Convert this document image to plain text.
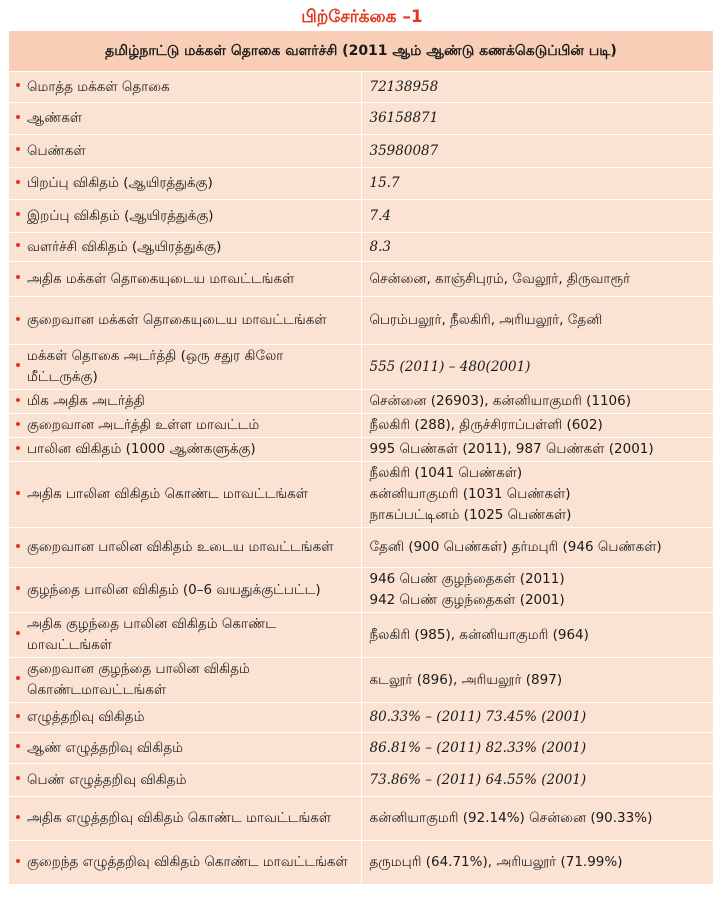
பிற்சேர்க்கை –1
தமிழ்நாட்டு மக்கள் தொகை வளர்ச்சி (2011 ஆம் ஆண்டு கணக்கெடுப்பின் படி)	

மொத்த மக்கள் தொகை	72138958

ஆண்கள்	36158871

பெண்கள்	35980087

பிறப்பு விகிதம் (ஆயிரத்துக்கு)	15.7

இறப்பு விகிதம் (ஆயிரத்துக்கு)	7.4

வளர்ச்சி விகிதம் (ஆயிரத்துக்கு)	8.3

அதிக மக்கள் தொகையுடைய மாவட்டங்கள்	சென்னை, காஞ்சிபுரம், வேலூர், திருவாரூர்

குறைவான மக்கள் தொகையுடைய மாவட்டங்கள்	பெரம்பலூர், நீலகிரி, அரியலூர், தேனி

மக்கள் தொகை அடர்த்தி (ஒரு சதுர கிலோ மீட்டருக்கு)	555 (2011) – 480(2001)

மிக அதிக அடர்த்தி	சென்னை (26903), கன்னியாகுமரி (1106)

குறைவான அடர்த்தி உள்ள மாவட்டம்	நீலகிரி (288), திருச்சிராப்பள்ளி (602)

பாலின விகிதம் (1000 ஆண்களுக்கு)	995 பெண்கள் (2011), 987 பெண்கள் (2001)

அதிக பாலின விகிதம் கொண்ட மாவட்டங்கள்	நீலகிரி (1041 பெண்கள்)
கன்னியாகுமரி (1031 பெண்கள்)
நாகப்பட்டினம் (1025 பெண்கள்)

குறைவான பாலின விகிதம் உடைய மாவட்டங்கள்	தேனி (900 பெண்கள்) தர்மபுரி (946 பெண்கள்)

குழந்தை பாலின விகிதம் (0–6 வயதுக்குட்பட்ட)	946 பெண் குழந்தைகள் (2011)
942 பெண் குழந்தைகள் (2001)

அதிக குழந்தை பாலின விகிதம் கொண்ட மாவட்டங்கள்	நீலகிரி (985), கன்னியாகுமரி (964)

குறைவான குழந்தை பாலின விகிதம் கொண்டமாவட்டங்கள்	கடலூர் (896), அரியலூர் (897)

எழுத்தறிவு விகிதம்	80.33% – (2011) 73.45% (2001)

ஆண் எழுத்தறிவு விகிதம்	86.81% – (2011) 82.33% (2001)

பெண் எழுத்தறிவு விகிதம்	73.86% – (2011) 64.55% (2001)

அதிக எழுத்தறிவு விகிதம் கொண்ட மாவட்டங்கள்	கன்னியாகுமரி (92.14%) சென்னை (90.33%)

குறைந்த எழுத்தறிவு விகிதம் கொண்ட மாவட்டங்கள்	தருமபுரி (64.71%), அரியலூர் (71.99%)
